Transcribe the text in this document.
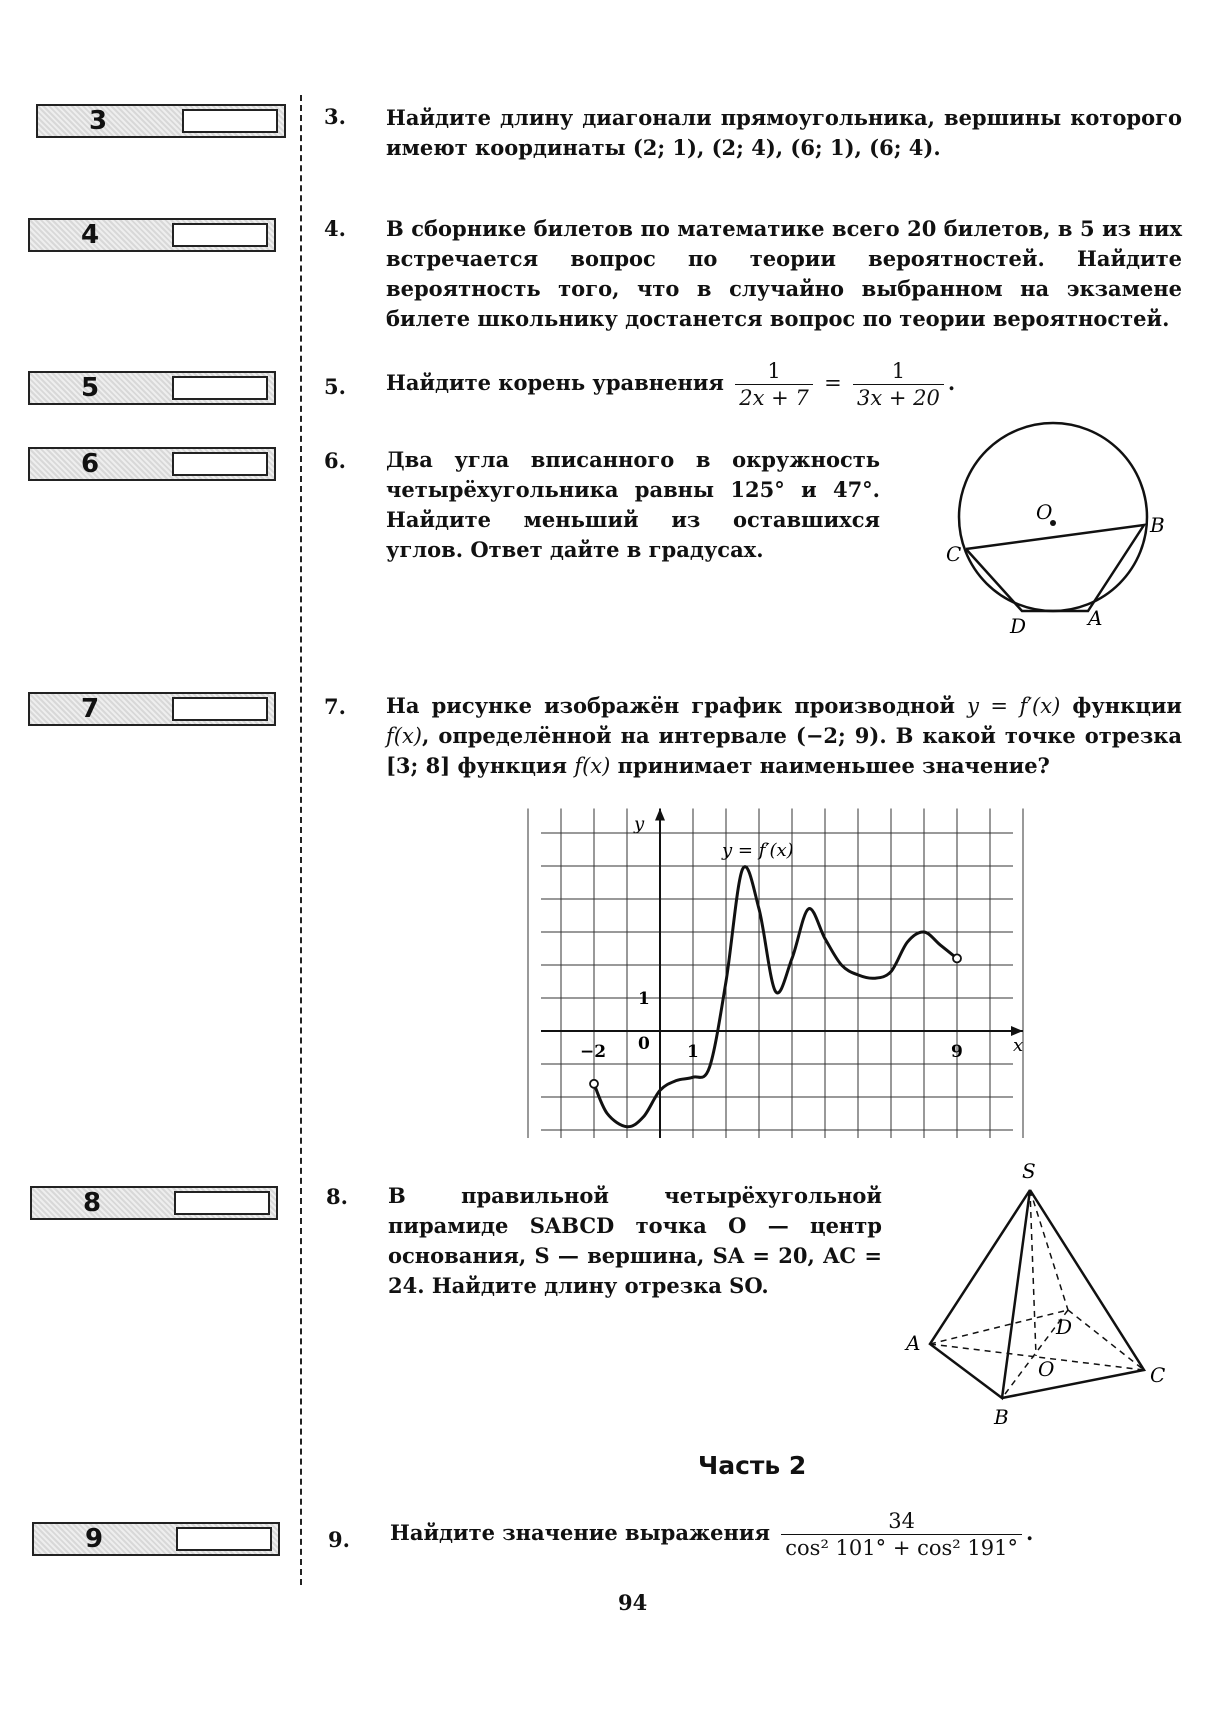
3
4
5
6
7
8
9
3. Найдите длину диагонали прямоугольника, вершины которого имеют координаты (2; 1), (2; 4), (6; 1), (6; 4).
4. В сборнике билетов по математике всего 20 билетов, в 5 из них встречается вопрос по теории вероятностей. Найдите вероятность того, что в случайно выбранном на экзамене билете школьнику достанется вопрос по теории вероятностей.
5. Найдите корень уравнения $\frac{1}{2x + 7} = \frac{1}{3x + 20}$ .
6. Два угла вписанного в окружность четырёхугольника равны 125° и 47°. Найдите меньший из оставшихся углов. Ответ дайте в градусах.
O
B
C
D	A
7. На рисунке изображён график производной y = f′(x) функции f(x), определённой на интервале (−2; 9). В какой точке отрезка [3; 8] функция f(x) принимает наименьшее значение?
y = f′(x)
y
x
−2 0 1	9
1
8. В правильной четырёхугольной пирамиде SABCD точка O — центр основания, S — вершина, SA = 20, AC = 24. Найдите длину отрезка SO.
S
A
B
C
D
O
Часть 2
9. Найдите значение выражения $\frac{34}{\text{cos² 101° + cos² 191°}}$ .
94
